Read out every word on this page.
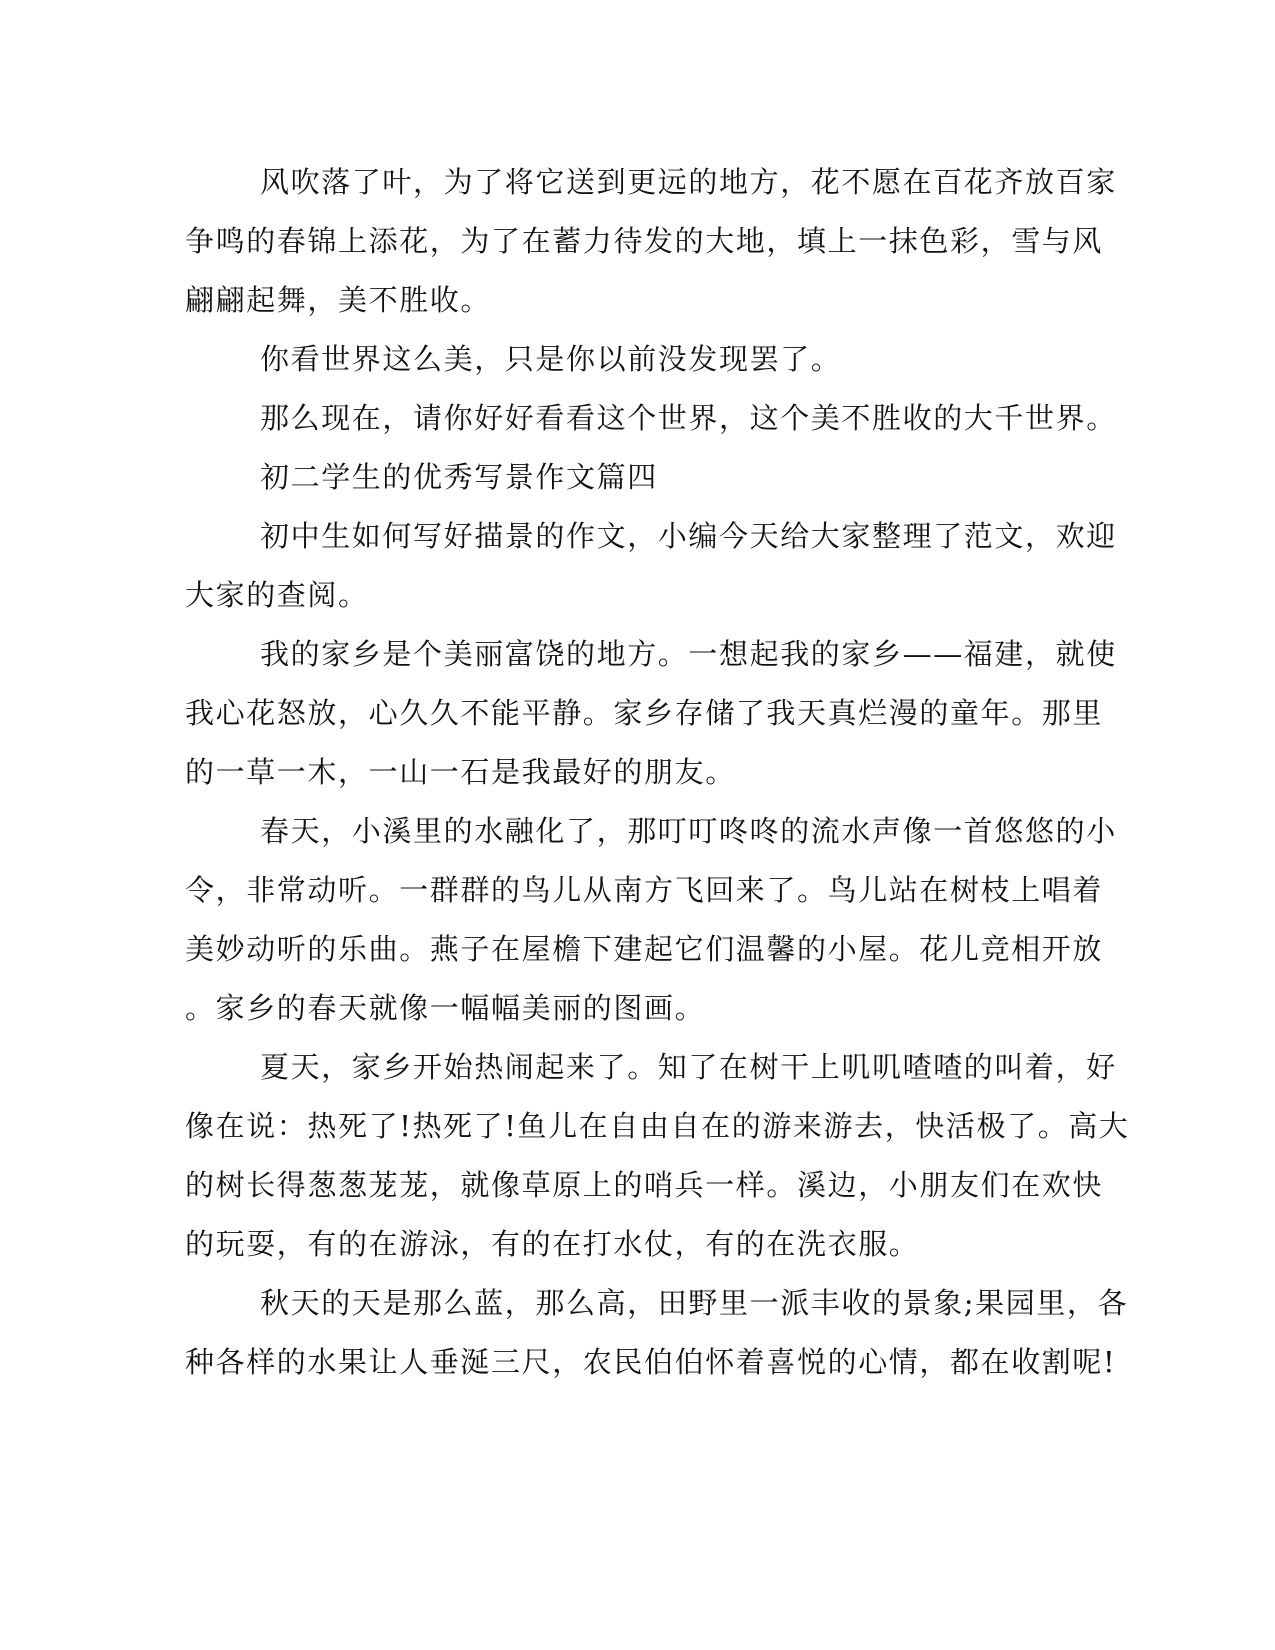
风吹落了叶，为了将它送到更远的地方，花不愿在百花齐放百家
争鸣的春锦上添花，为了在蓄力待发的大地，填上一抹色彩，雪与风
翩翩起舞，美不胜收。
你看世界这么美，只是你以前没发现罢了。
那么现在，请你好好看看这个世界，这个美不胜收的大千世界。
初二学生的优秀写景作文篇四
初中生如何写好描景的作文，小编今天给大家整理了范文，欢迎
大家的查阅。
我的家乡是个美丽富饶的地方。一想起我的家乡——福建，就使
我心花怒放，心久久不能平静。家乡存储了我天真烂漫的童年。那里
的一草一木，一山一石是我最好的朋友。
春天，小溪里的水融化了，那叮叮咚咚的流水声像一首悠悠的小
令，非常动听。一群群的鸟儿从南方飞回来了。鸟儿站在树枝上唱着
美妙动听的乐曲。燕子在屋檐下建起它们温馨的小屋。花儿竞相开放
。家乡的春天就像一幅幅美丽的图画。
夏天，家乡开始热闹起来了。知了在树干上叽叽喳喳的叫着，好
像在说：热死了!热死了!鱼儿在自由自在的游来游去，快活极了。高大
的树长得葱葱茏茏，就像草原上的哨兵一样。溪边，小朋友们在欢快
的玩耍，有的在游泳，有的在打水仗，有的在洗衣服。
秋天的天是那么蓝，那么高，田野里一派丰收的景象;果园里，各
种各样的水果让人垂涎三尺，农民伯伯怀着喜悦的心情，都在收割呢!
